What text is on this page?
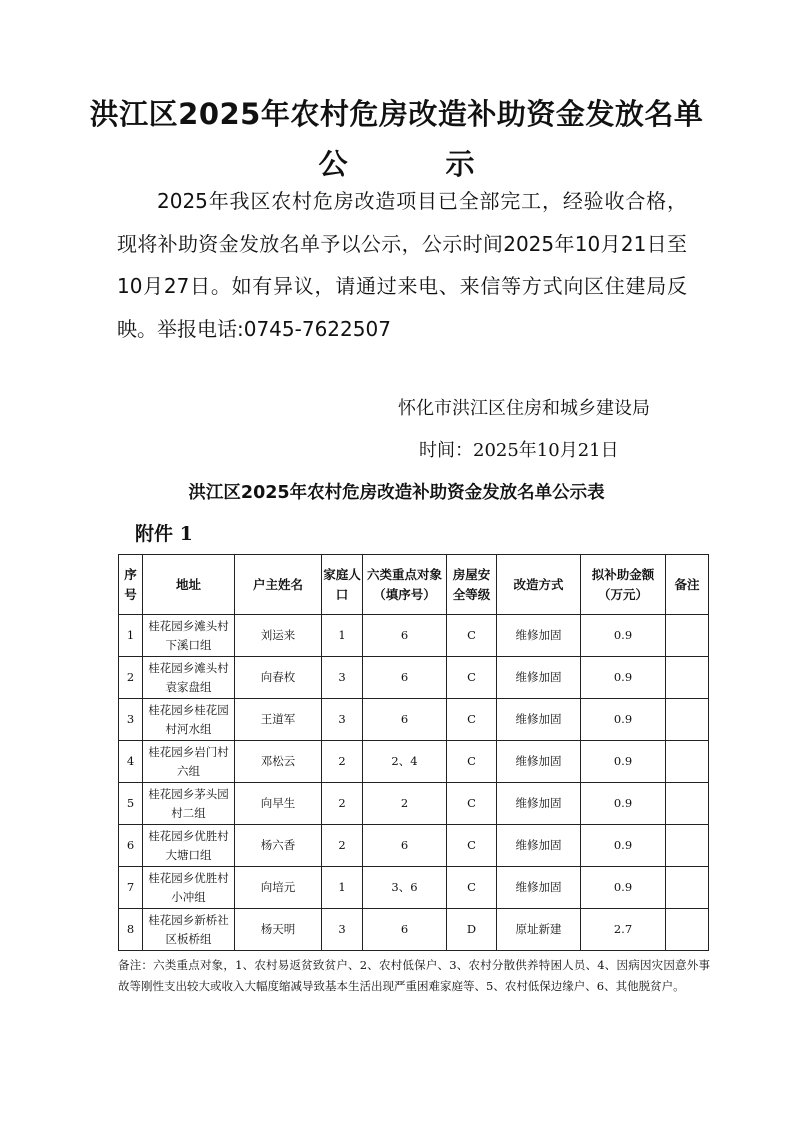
洪江区2025年农村危房改造补助资金发放名单
公 示
2025年我区农村危房改造项目已全部完工，经验收合格，现将补助资金发放名单予以公示，公示时间2025年10月21日至10月27日。如有异议，请通过来电、来信等方式向区住建局反映。举报电话:0745-7622507
怀化市洪江区住房和城乡建设局
时间：2025年10月21日
洪江区2025年农村危房改造补助资金发放名单公示表
附件 1
序号	地址	户主姓名	家庭人口	六类重点对象（填序号）	房屋安全等级	改造方式	拟补助金额（万元）	备注
1	桂花园乡滩头村下溪口组	刘运来	1	6	C	维修加固	0.9	
2	桂花园乡滩头村袁家盘组	向春枚	3	6	C	维修加固	0.9	
3	桂花园乡桂花园村河水组	王道军	3	6	C	维修加固	0.9	
4	桂花园乡岩门村六组	邓松云	2	2、4	C	维修加固	0.9	
5	桂花园乡茅头园村二组	向早生	2	2	C	维修加固	0.9	
6	桂花园乡优胜村大塘口组	杨六香	2	6	C	维修加固	0.9	
7	桂花园乡优胜村小冲组	向培元	1	3、6	C	维修加固	0.9	
8	桂花园乡新桥社区板桥组	杨天明	3	6	D	原址新建	2.7	
备注：六类重点对象，1、农村易返贫致贫户、2、农村低保户、3、农村分散供养特困人员、4、因病因灾因意外事故等刚性支出较大或收入大幅度缩减导致基本生活出现严重困难家庭等、5、农村低保边缘户、6、其他脱贫户。
